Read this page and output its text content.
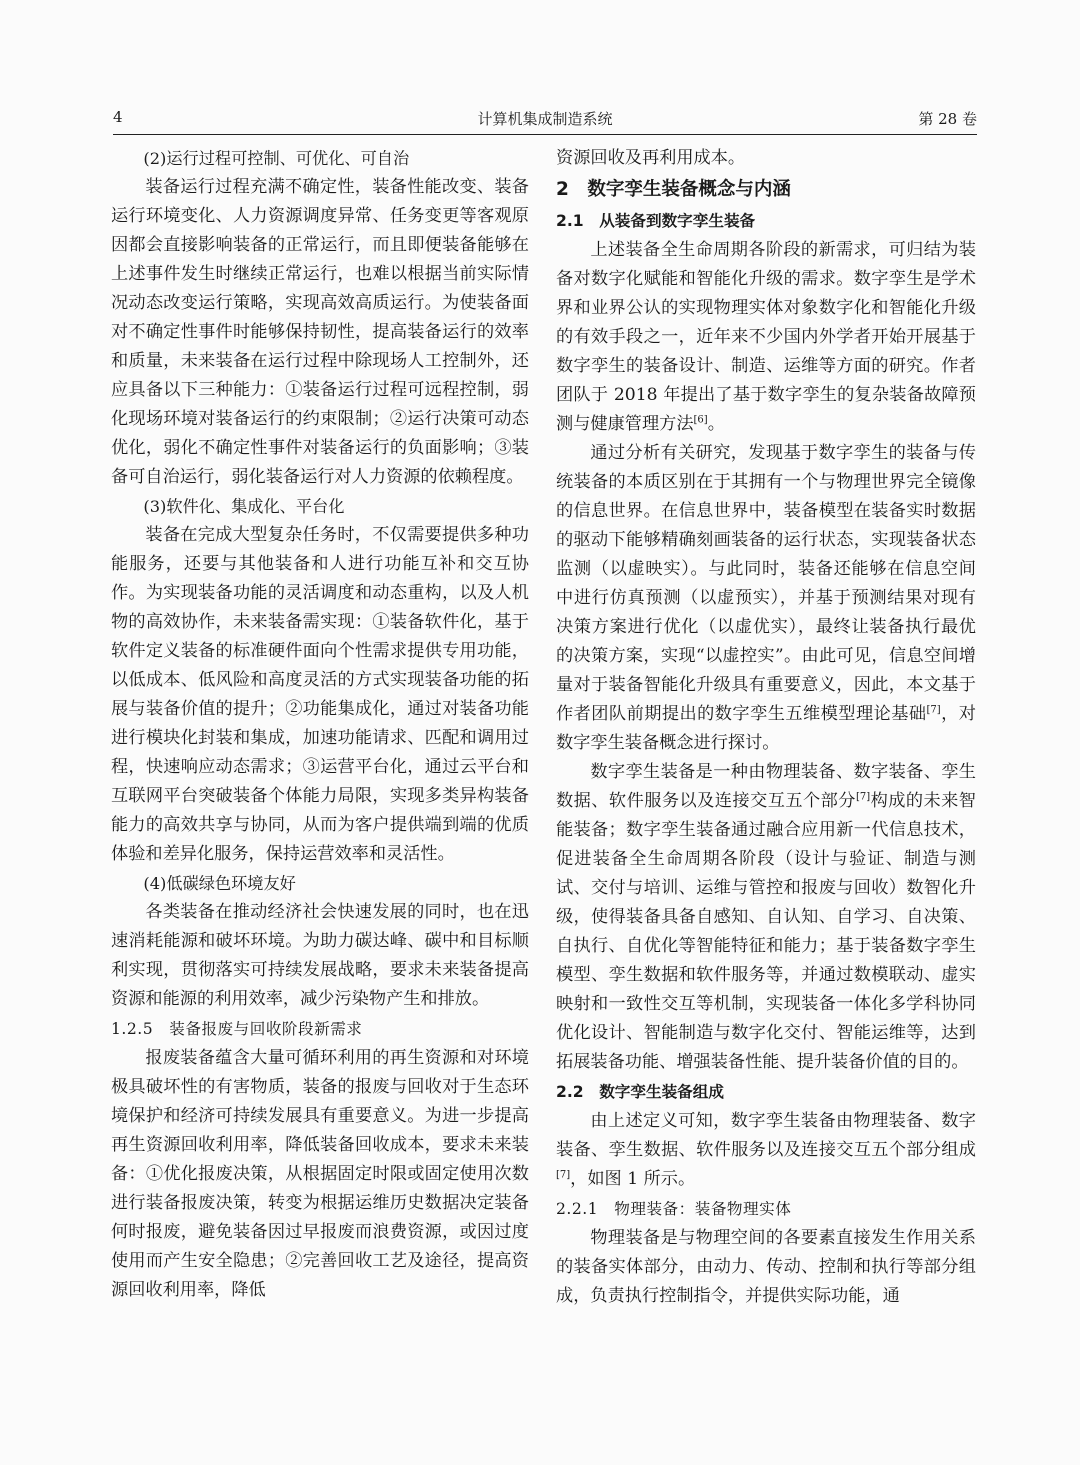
4	计算机集成制造系统	第 28 卷

(2)运行过程可控制、可优化、可自治

装备运行过程充满不确定性，装备性能改变、装备运行环境变化、人力资源调度异常、任务变更等客观原因都会直接影响装备的正常运行，而且即便装备能够在上述事件发生时继续正常运行，也难以根据当前实际情况动态改变运行策略，实现高效高质运行。为使装备面对不确定性事件时能够保持韧性，提高装备运行的效率和质量，未来装备在运行过程中除现场人工控制外，还应具备以下三种能力：①装备运行过程可远程控制，弱化现场环境对装备运行的约束限制；②运行决策可动态优化，弱化不确定性事件对装备运行的负面影响；③装备可自治运行，弱化装备运行对人力资源的依赖程度。

(3)软件化、集成化、平台化

装备在完成大型复杂任务时，不仅需要提供多种功能服务，还要与其他装备和人进行功能互补和交互协作。为实现装备功能的灵活调度和动态重构，以及人机物的高效协作，未来装备需实现：①装备软件化，基于软件定义装备的标准硬件面向个性需求提供专用功能，以低成本、低风险和高度灵活的方式实现装备功能的拓展与装备价值的提升；②功能集成化，通过对装备功能进行模块化封装和集成，加速功能请求、匹配和调用过程，快速响应动态需求；③运营平台化，通过云平台和互联网平台突破装备个体能力局限，实现多类异构装备能力的高效共享与协同，从而为客户提供端到端的优质体验和差异化服务，保持运营效率和灵活性。

(4)低碳绿色环境友好

各类装备在推动经济社会快速发展的同时，也在迅速消耗能源和破坏环境。为助力碳达峰、碳中和目标顺利实现，贯彻落实可持续发展战略，要求未来装备提高资源和能源的利用效率，减少污染物产生和排放。

1.2.5　装备报废与回收阶段新需求

报废装备蕴含大量可循环利用的再生资源和对环境极具破坏性的有害物质，装备的报废与回收对于生态环境保护和经济可持续发展具有重要意义。为进一步提高再生资源回收利用率，降低装备回收成本，要求未来装备：①优化报废决策，从根据固定时限或固定使用次数进行装备报废决策，转变为根据运维历史数据决定装备何时报废，避免装备因过早报废而浪费资源，或因过度使用而产生安全隐患；②完善回收工艺及途径，提高资源回收利用率，降低

资源回收及再利用成本。

2　数字孪生装备概念与内涵

2.1　从装备到数字孪生装备

上述装备全生命周期各阶段的新需求，可归结为装备对数字化赋能和智能化升级的需求。数字孪生是学术界和业界公认的实现物理实体对象数字化和智能化升级的有效手段之一，近年来不少国内外学者开始开展基于数字孪生的装备设计、制造、运维等方面的研究。作者团队于 2018 年提出了基于数字孪生的复杂装备故障预测与健康管理方法[6]。

通过分析有关研究，发现基于数字孪生的装备与传统装备的本质区别在于其拥有一个与物理世界完全镜像的信息世界。在信息世界中，装备模型在装备实时数据的驱动下能够精确刻画装备的运行状态，实现装备状态监测（以虚映实）。与此同时，装备还能够在信息空间中进行仿真预测（以虚预实），并基于预测结果对现有决策方案进行优化（以虚优实），最终让装备执行最优的决策方案，实现“以虚控实”。由此可见，信息空间增量对于装备智能化升级具有重要意义，因此，本文基于作者团队前期提出的数字孪生五维模型理论基础[7]，对数字孪生装备概念进行探讨。

数字孪生装备是一种由物理装备、数字装备、孪生数据、软件服务以及连接交互五个部分[7]构成的未来智能装备；数字孪生装备通过融合应用新一代信息技术，促进装备全生命周期各阶段（设计与验证、制造与测试、交付与培训、运维与管控和报废与回收）数智化升级，使得装备具备自感知、自认知、自学习、自决策、自执行、自优化等智能特征和能力；基于装备数字孪生模型、孪生数据和软件服务等，并通过数模联动、虚实映射和一致性交互等机制，实现装备一体化多学科协同优化设计、智能制造与数字化交付、智能运维等，达到拓展装备功能、增强装备性能、提升装备价值的目的。

2.2　数字孪生装备组成

由上述定义可知，数字孪生装备由物理装备、数字装备、孪生数据、软件服务以及连接交互五个部分组成[7]，如图 1 所示。

2.2.1　物理装备：装备物理实体

物理装备是与物理空间的各要素直接发生作用关系的装备实体部分，由动力、传动、控制和执行等部分组成，负责执行控制指令，并提供实际功能，通
